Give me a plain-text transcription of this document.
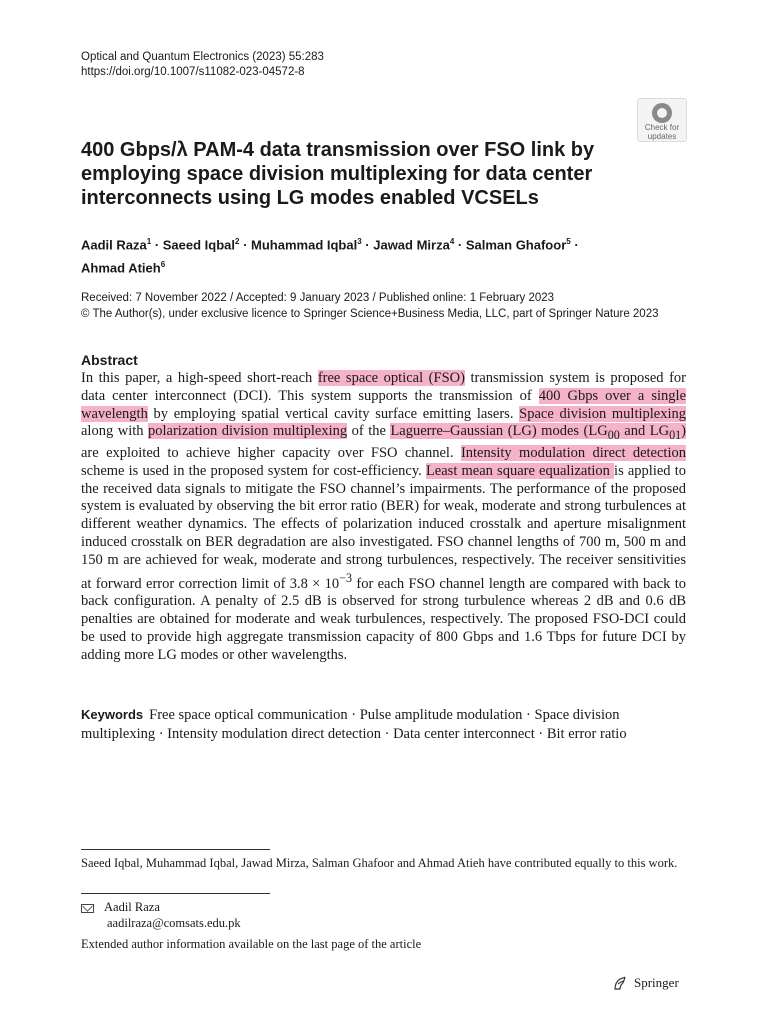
Optical and Quantum Electronics (2023) 55:283
https://doi.org/10.1007/s11082-023-04572-8
Check for
updates
400 Gbps/λ PAM-4 data transmission over FSO link by employing space division multiplexing for data center interconnects using LG modes enabled VCSELs
Aadil Raza$^1$ · Saeed Iqbal$^2$ · Muhammad Iqbal$^3$ · Jawad Mirza$^4$ · Salman Ghafoor$^5$ ·
Ahmad Atieh$^6$
Received: 7 November 2022 / Accepted: 9 January 2023 / Published online: 1 February 2023
© The Author(s), under exclusive licence to Springer Science+Business Media, LLC, part of Springer Nature 2023
Abstract

In this paper, a high-speed short-reach free space optical (FSO) transmission system is proposed for data center interconnect (DCI). This system supports the transmission of 400 Gbps over a single wavelength by employing spatial vertical cavity surface emitting lasers. Space division multiplexing along with polarization division multiplexing of the Laguerre–Gaussian (LG) modes ($LG_{00}$ and $LG_{01}$) are exploited to achieve higher capacity over FSO channel. Intensity modulation direct detection scheme is used in the proposed system for cost-efficiency. Least mean square equalization is applied to the received data signals to mitigate the FSO channel’s impairments. The performance of the proposed system is evaluated by observing the bit error ratio (BER) for weak, moderate and strong turbulences at different weather dynamics. The effects of polarization induced crosstalk and aperture misalignment induced crosstalk on BER degradation are also investigated. FSO channel lengths of 700 m, 500 m and 150 m are achieved for weak, moderate and strong turbulences, respectively. The receiver sensitivities at forward error correction limit of $3.8 \times 10^{-3}$ for each FSO channel length are compared with back to back configuration. A penalty of 2.5 dB is observed for strong turbulence whereas 2 dB and 0.6 dB penalties are obtained for moderate and weak turbulences, respectively. The proposed FSO-DCI could be used to provide high aggregate transmission capacity of 800 Gbps and 1.6 Tbps for future DCI by adding more LG modes or other wavelengths.

Keywords Free space optical communication · Pulse amplitude modulation · Space division multiplexing · Intensity modulation direct detection · Data center interconnect · Bit error ratio
Saeed Iqbal, Muhammad Iqbal, Jawad Mirza, Salman Ghafoor and Ahmad Atieh have contributed equally to this work.
Aadil Raza
aadilraza@comsats.edu.pk
Extended author information available on the last page of the article
Springer
